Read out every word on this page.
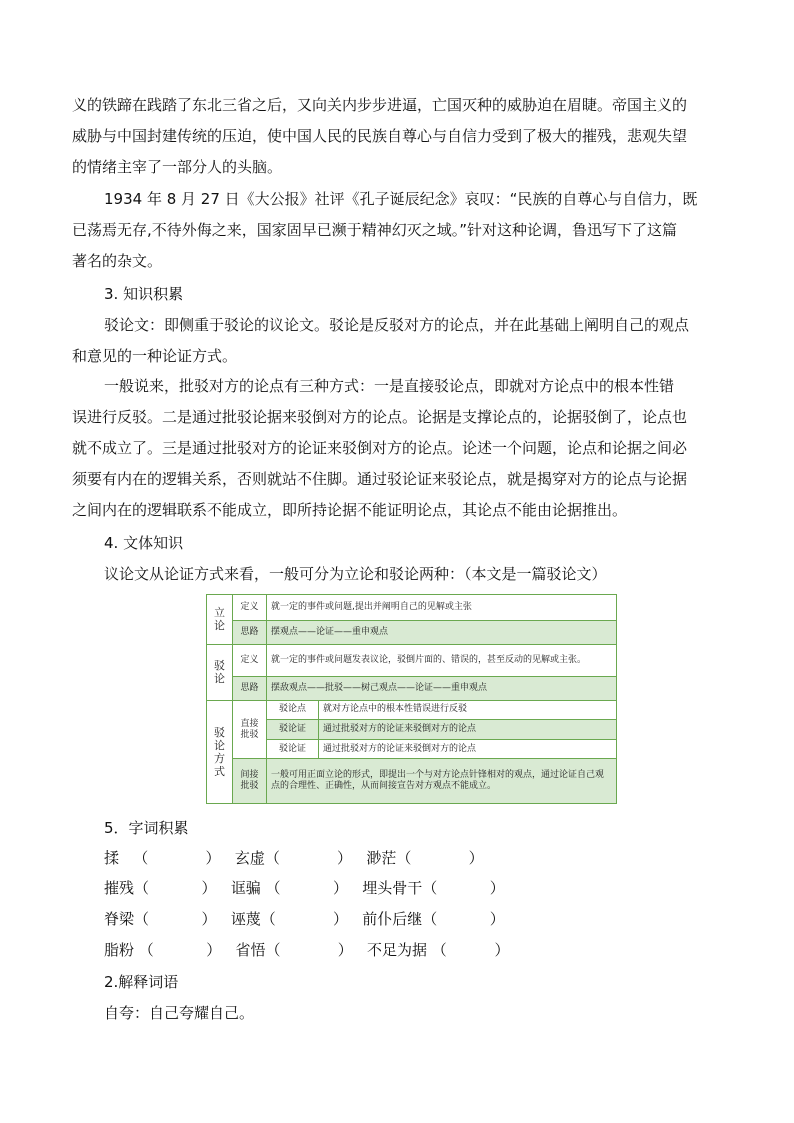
义的铁蹄在践踏了东北三省之后，又向关内步步进逼，亡国灭种的威胁迫在眉睫。帝国主义的
威胁与中国封建传统的压迫，使中国人民的民族自尊心与自信力受到了极大的摧残，悲观失望
的情绪主宰了一部分人的头脑。

1934 年 8 月 27 日《大公报》社评《孔子诞辰纪念》哀叹：“民族的自尊心与自信力，既
已荡焉无存,不待外侮之来，国家固早已濒于精神幻灭之域。”针对这种论调，鲁迅写下了这篇
著名的杂文。

3. 知识积累

驳论文：即侧重于驳论的议论文。驳论是反驳对方的论点，并在此基础上阐明自己的观点
和意见的一种论证方式。

一般说来，批驳对方的论点有三种方式：一是直接驳论点，即就对方论点中的根本性错
误进行反驳。二是通过批驳论据来驳倒对方的论点。论据是支撑论点的，论据驳倒了，论点也
就不成立了。三是通过批驳对方的论证来驳倒对方的论点。论述一个问题，论点和论据之间必
须要有内在的逻辑关系，否则就站不住脚。通过驳论证来驳论点，就是揭穿对方的论点与论据
之间内在的逻辑联系不能成立，即所持论据不能证明论点，其论点不能由论据推出。

4. 文体知识

议论文从论证方式来看，一般可分为立论和驳论两种：（本文是一篇驳论文）

立论	定义	就一定的事件或问题,提出并阐明自己的见解或主张	
	思路	摆观点——论证——重申观点	
驳论	定义	就一定的事件或问题发表议论，驳倒片面的、错误的，甚至反动的见解或主张。	
	思路	摆敌观点——批驳——树己观点——论证——重申观点	
驳论方式	直接批驳	驳论点	就对方论点中的根本性错误进行反驳
		驳论证	通过批驳对方的论证来驳倒对方的论点
		驳论证	通过批驳对方的论证来驳倒对方的论点
	间接批驳	一般可用正面立论的形式，即提出一个与对方论点针锋相对的观点，通过论证自己观点的合理性、正确性，从而间接宣告对方观点不能成立。	

5．字词积累

揉   （            ）   玄虚（            ）   渺茫（            ）
摧残（           ）   诓骗 （           ）   埋头骨干（           ）
脊梁（           ）   诬蔑（            ）   前仆后继（           ）
脂粉 （           ）   省悟（            ）   不足为据 （          ）

2.解释词语

自夸：自己夸耀自己。
